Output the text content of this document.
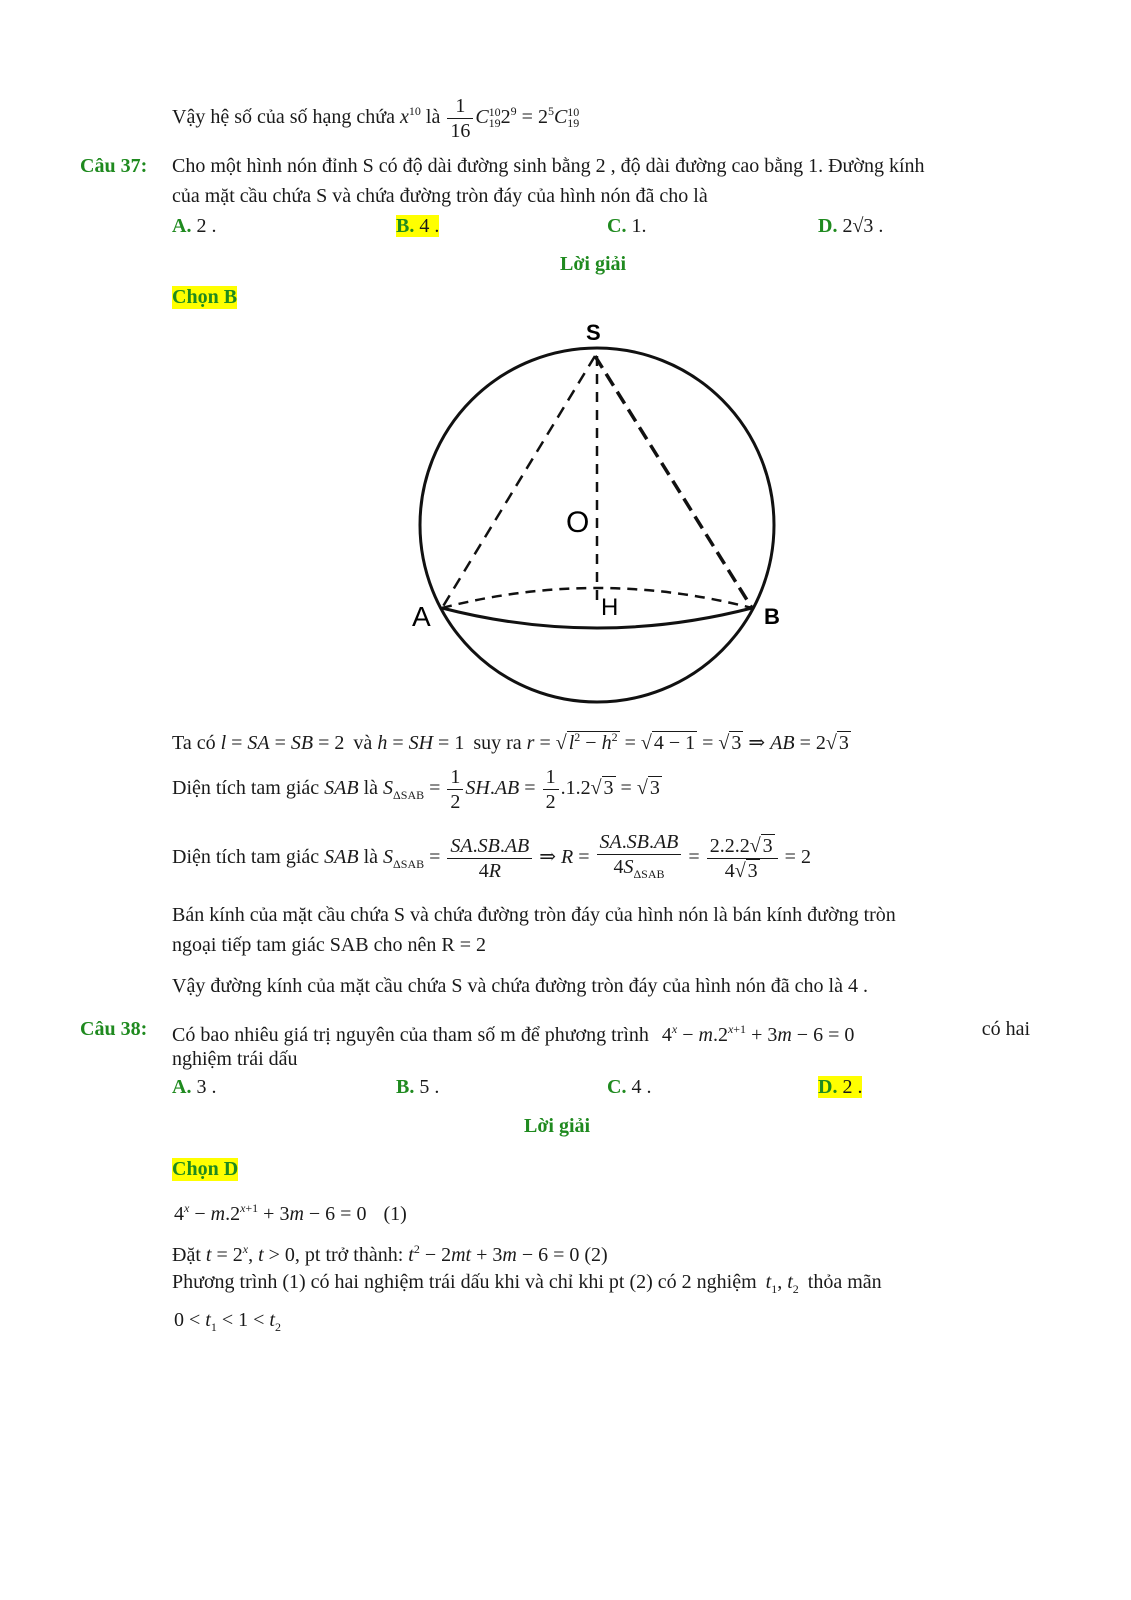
Vậy hệ số của số hạng chứa $x^{10}$ là $\frac{1}{16} C10$
$192^9 = 2^5C10$
19
Câu 37: Cho một hình nón đỉnh S có độ dài đường sinh bằng 2 , độ dài đường cao bằng 1. Đường kính
của mặt cầu chứa S và chứa đường tròn đáy của hình nón đã cho là
A. 2 .	B. 4 .	C. 1.	D. 2√3 .
Lời giải
Chọn B
S
O
H
A	B
Ta có l = SA = SB = 2 và h = SH = 1 suy ra r = √ $l^2 - h^2$ = √ 4 − 1 = √ 3 ⇒ AB = 2√ 3
Diện tích tam giác SAB là $S_{\Delta SAB} = \frac{1}{2} SH.AB = \frac{1}{2} .1.2√$ 3 = √ 3
Diện tích tam giác SAB là $S_{\Delta SAB} = \frac{SA.SB.AB}{4R}$ ⇒ $R = \frac{SA.SB.AB}{4S_{\Delta SAB}} = \frac{2.2.2√ 3}{4√ 3} = 2$
Bán kính của mặt cầu chứa S và chứa đường tròn đáy của hình nón là bán kính đường tròn
ngoại tiếp tam giác SAB cho nên R = 2
Vậy đường kính của mặt cầu chứa S và chứa đường tròn đáy của hình nón đã cho là 4 .
Câu 38: Có bao nhiêu giá trị nguyên của tham số m để phương trình $4^x - m.2^{x+1} + 3m - 6 = 0$	có hai
nghiệm trái dấu
A. 3 .	B. 5 .	C. 4 .	D. 2 .
Lời giải
Chọn D
$4^x - m.2^{x+1} + 3m - 6 = 0$ (1)
Đặt $t = 2^x$, t > 0, pt trở thành: $t^2 - 2mt + 3m - 6 = 0$ (2)
Phương trình (1) có hai nghiệm trái dấu khi và chỉ khi pt (2) có 2 nghiệm $t_1$, $t_2$ thỏa mãn
$0 < t_1 < 1 < t_2$
